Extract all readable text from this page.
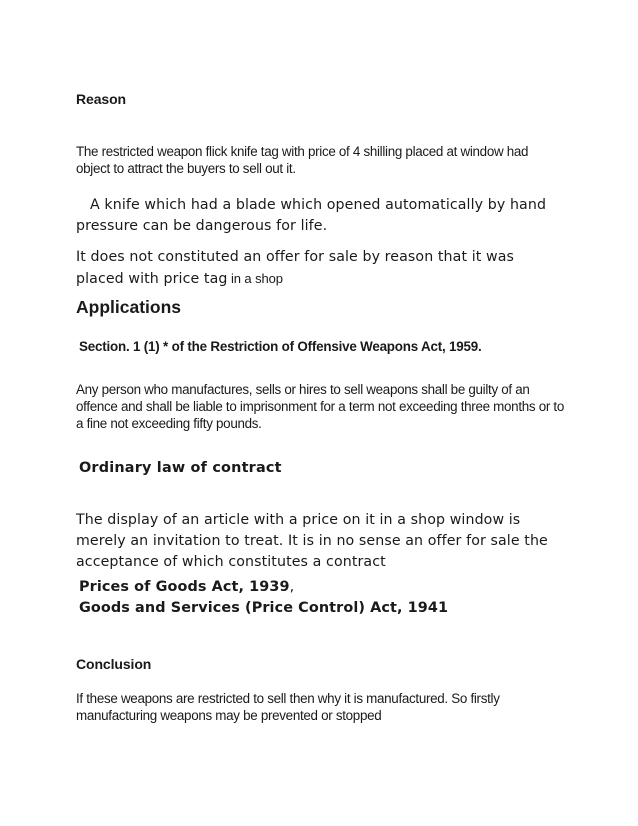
Reason

The restricted weapon flick knife tag with price of 4 shilling placed at window had object to attract the buyers to sell out it.

A knife which had a blade which opened automatically by hand pressure can be dangerous for life.

It does not constituted an offer for sale by reason that it was placed with price tag in a shop

Applications

Section. 1 (1) * of the Restriction of Offensive Weapons Act, 1959.

Any person who manufactures, sells or hires to sell weapons shall be guilty of an offence and shall be liable to imprisonment for a term not exceeding three months or to a fine not exceeding fifty pounds.

Ordinary law of contract

The display of an article with a price on it in a shop window is merely an invitation to treat. It is in no sense an offer for sale the acceptance of which constitutes a contract

Prices of Goods Act, 1939,
Goods and Services (Price Control) Act, 1941

Conclusion

If these weapons are restricted to sell then why it is manufactured. So firstly manufacturing weapons may be prevented or stopped
